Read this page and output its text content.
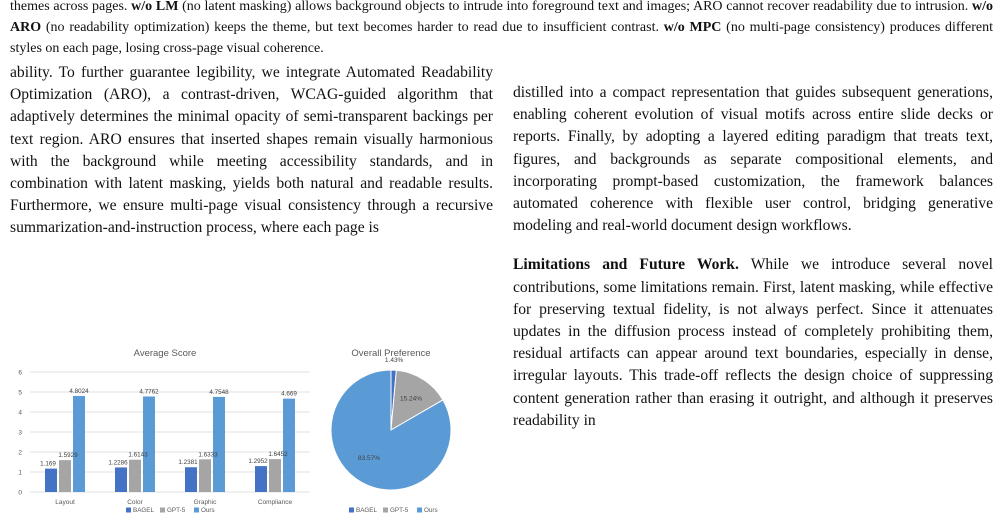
themes across pages. w/o LM (no latent masking) allows background objects to intrude into foreground text and images; ARO cannot recover readability due to intrusion. w/o ARO (no readability optimization) keeps the theme, but text becomes harder to read due to insufficient contrast. w/o MPC (no multi-page consistency) produces different styles on each page, losing cross-page visual coherence.

ability. To further guarantee legibility, we integrate Automated Readability Optimization (ARO), a contrast-driven, WCAG-guided algorithm that adaptively determines the minimal opacity of semi-transparent backings per text region. ARO ensures that inserted shapes remain visually harmonious with the background while meeting accessibility standards, and in combination with latent masking, yields both natural and readable results. Furthermore, we ensure multi-page visual consistency through a recursive summarization-and-instruction process, where each page is

distilled into a compact representation that guides subsequent generations, enabling coherent evolution of visual motifs across entire slide decks or reports. Finally, by adopting a layered editing paradigm that treats text, figures, and backgrounds as separate compositional elements, and incorporating prompt-based customization, the framework balances automated coherence with flexible user control, bridging generative modeling and real-world document design workflows.

Limitations and Future Work. While we introduce several novel contributions, some limitations remain. First, latent masking, while effective for preserving textual fidelity, is not always perfect. Since it attenuates updates in the diffusion process instead of completely prohibiting them, residual artifacts can appear around text boundaries, especially in dense, irregular layouts. This trade-off reflects the design choice of suppressing content generation rather than erasing it outright, and although it preserves readability in

Average Score
0
1
2
3
4
5
6
1.169
1.5929
4.8024
1.2286
1.6143
4.7762
1.2381
1.6333
4.7548
1.2952
1.6452
4.669
Layout	Color	Graphic	Compliance
BAGEL GPT-5	Ours
Overall Preference
1.43%
15.24%
83.57%
BAGEL GPT-5	Ours
